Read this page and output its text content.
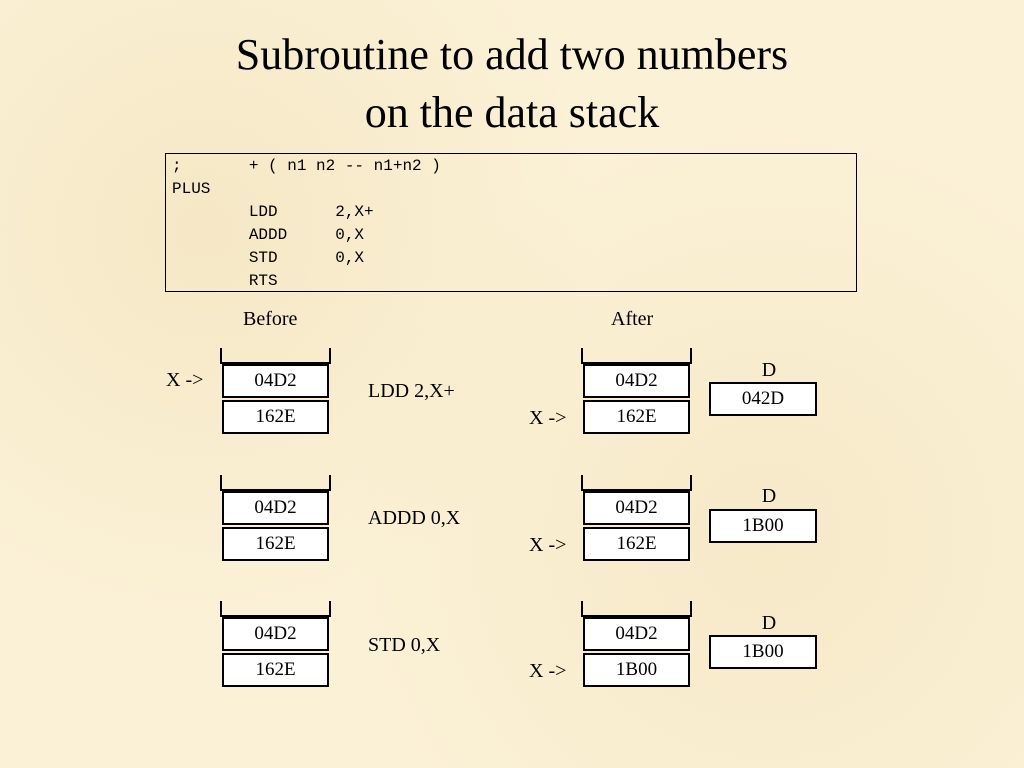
Subroutine to add two numbers
on the data stack
;       + ( n1 n2 -- n1+n2 )
PLUS
LDD      2,X+
ADDD     0,X
STD      0,X
RTS
Before	After
X ->	04D2
162E
LDD 2,X+
X ->
04D2
162E
D
042D
04D2
162E
ADDD 0,X
X ->
04D2
162E
D
1B00
04D2
162E
STD 0,X
X ->
04D2
1B00
D
1B00
